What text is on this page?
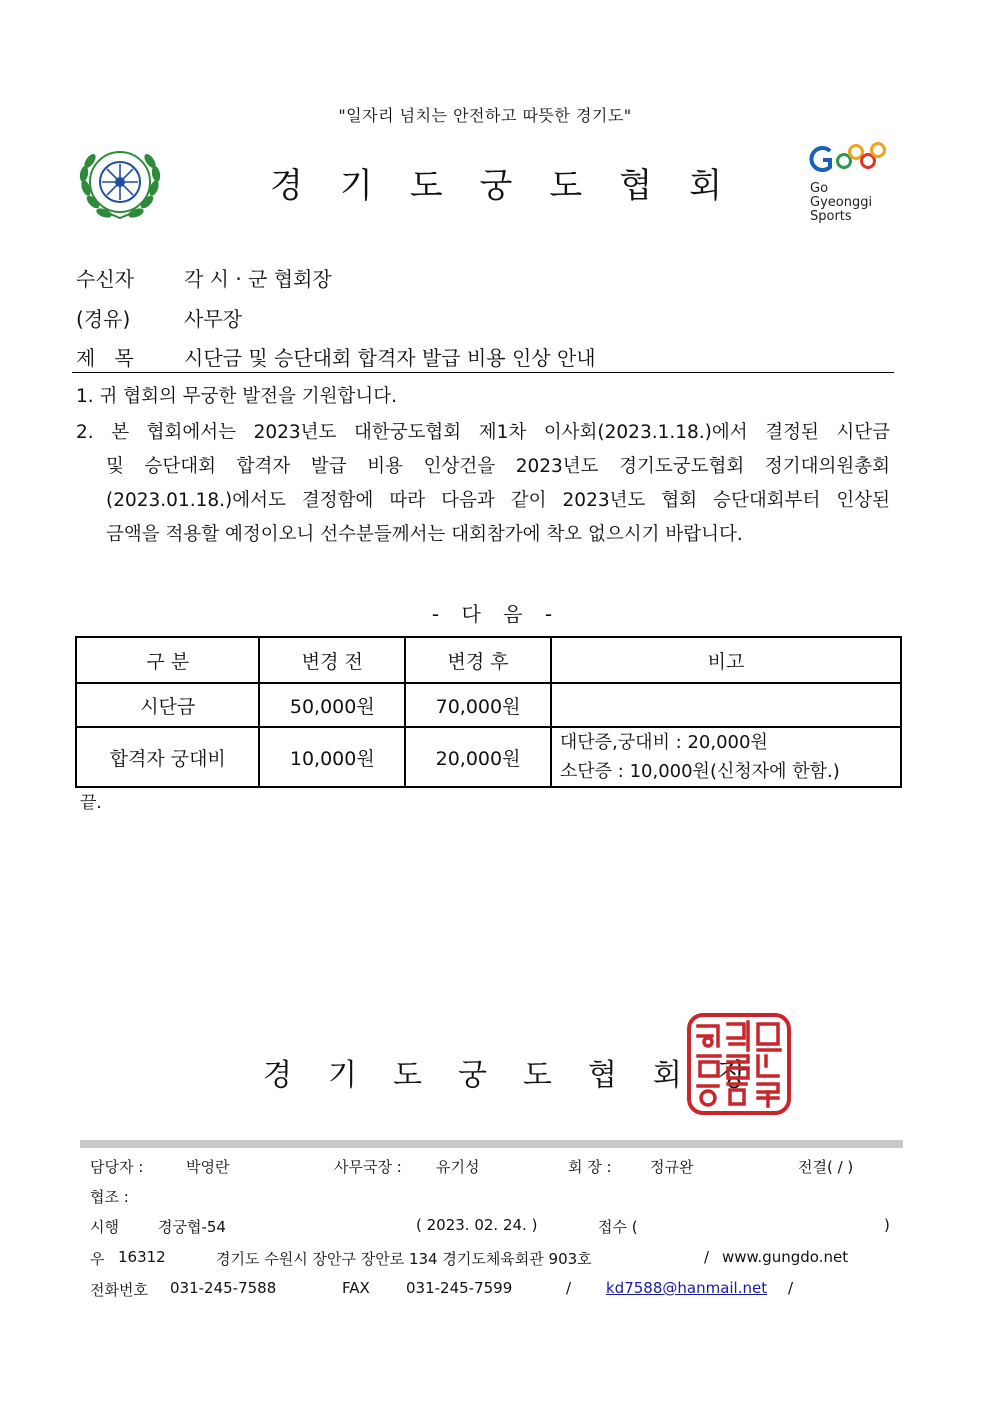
"일자리 넘치는 안전하고 따뜻한 경기도"
경기도궁도협회	Go
Gyeonggi
Sports
수신자	각 시 · 군 협회장
(경유)	사무장
제   목	시단금 및 승단대회 합격자 발급 비용 인상 안내
1. 귀 협회의 무궁한 발전을 기원합니다.
2. 본 협회에서는 2023년도 대한궁도협회 제1차 이사회(2023.1.18.)에서 결정된 시단금
및 승단대회 합격자 발급 비용 인상건을 2023년도 경기도궁도협회 정기대의원총회
(2023.01.18.)에서도 결정함에 따라 다음과 같이 2023년도 협회 승단대회부터 인상된
금액을 적용할 예정이오니 선수분들께서는 대회참가에 착오 없으시기 바랍니다.
- 다 음 -
구 분	변경 전	변경 후	비고
시단금	50,000원	70,000원	
합격자 궁대비	10,000원	20,000원	대단증,궁대비 : 20,000원
소단증 : 10,000원(신청자에 한함.)
끝.
경기도궁도협회장
담당자 :	박영란	사무국장 : 유기성	회 장 :	정규완	전결( / )
협조 :
시행	경궁협-54	( 2023. 02. 24. )	접수 (	)
우 16312	경기도 수원시 장안구 장안로 134 경기도체육회관 903호	/ www.gungdo.net
전화번호 031-245-7588	FAX 031-245-7599	/ kd7588@hanmail.net /
